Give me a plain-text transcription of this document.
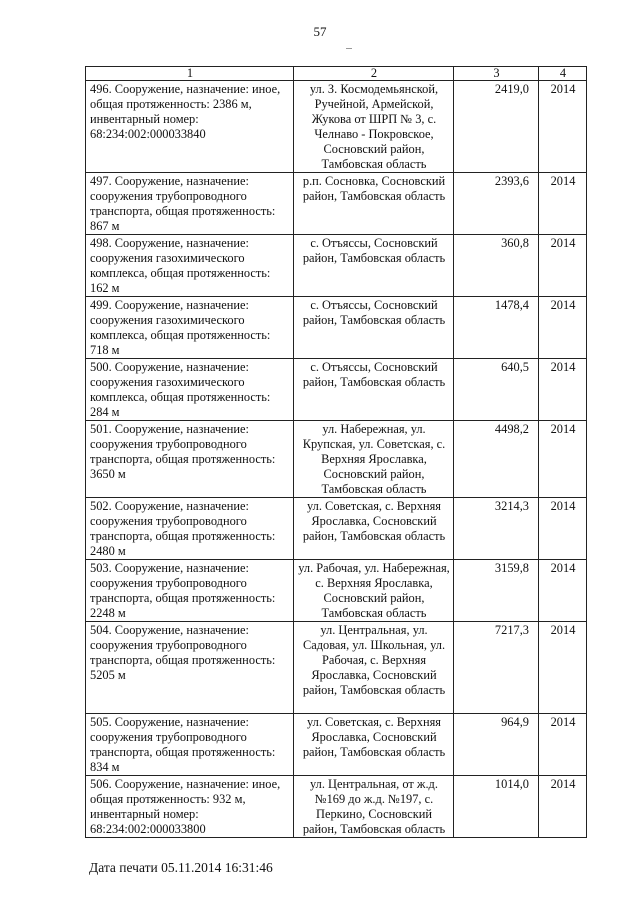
57
1	2	3	4
496. Сооружение, назначение: иное, общая протяженность: 2386 м, инвентарный номер: 68:234:002:000033840	ул. З. Космодемьянской, Ручейной, Армейской, Жукова от ШРП № 3, с. Челнаво - Покровское, Сосновский район, Тамбовская область	2419,0	2014
497. Сооружение, назначение: сооружения трубопроводного транспорта, общая протяженность: 867 м	р.п. Сосновка, Сосновский район, Тамбовская область	2393,6	2014
498. Сооружение, назначение: сооружения газохимического комплекса, общая протяженность: 162 м	с. Отъяссы, Сосновский район, Тамбовская область	360,8	2014
499. Сооружение, назначение: сооружения газохимического комплекса, общая протяженность: 718 м	с. Отъяссы, Сосновский район, Тамбовская область	1478,4	2014
500. Сооружение, назначение: сооружения газохимического комплекса, общая протяженность: 284 м	с. Отъяссы, Сосновский район, Тамбовская область	640,5	2014
501. Сооружение, назначение: сооружения трубопроводного транспорта, общая протяженность: 3650 м	ул. Набережная, ул. Крупская, ул. Советская, с. Верхняя Ярославка, Сосновский район, Тамбовская область	4498,2	2014
502. Сооружение, назначение: сооружения трубопроводного транспорта, общая протяженность: 2480 м	ул. Советская, с. Верхняя Ярославка, Сосновский район, Тамбовская область	3214,3	2014
503. Сооружение, назначение: сооружения трубопроводного транспорта, общая протяженность: 2248 м	ул. Рабочая, ул. Набережная, с. Верхняя Ярославка, Сосновский район, Тамбовская область	3159,8	2014
504. Сооружение, назначение: сооружения трубопроводного транспорта, общая протяженность: 5205 м	ул. Центральная, ул. Садовая, ул. Школьная, ул. Рабочая, с. Верхняя Ярославка, Сосновский район, Тамбовская область	7217,3	2014
505. Сооружение, назначение: сооружения трубопроводного транспорта, общая протяженность: 834 м	ул. Советская, с. Верхняя Ярославка, Сосновский район, Тамбовская область	964,9	2014
506. Сооружение, назначение: иное, общая протяженность: 932 м, инвентарный номер: 68:234:002:000033800	ул. Центральная, от ж.д. №169 до ж.д. №197, с. Перкино, Сосновский район, Тамбовская область	1014,0	2014
Дата печати 05.11.2014 16:31:46
